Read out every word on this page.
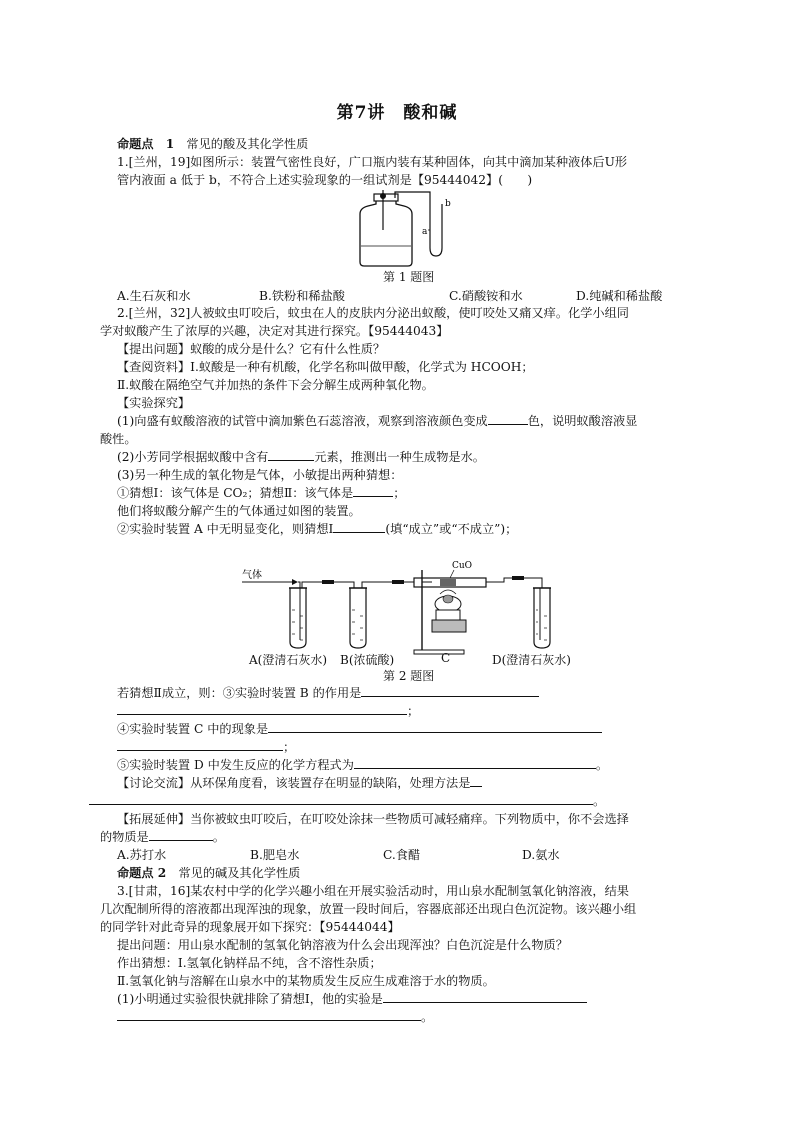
第7讲　酸和碱
命题点　1　 常见的酸及其化学性质
1.[兰州，19]如图所示：装置气密性良好，广口瓶内装有某种固体，向其中滴加某种液体后U形
管内液面 a 低于 b，不符合上述实验现象的一组试剂是【95444042】(　　)
a
b
第 1 题图
A.生石灰和水	B.铁粉和稀盐酸	C.硝酸铵和水	D.纯碱和稀盐酸
2.[兰州，32]人被蚊虫叮咬后，蚊虫在人的皮肤内分泌出蚁酸，使叮咬处又痛又痒。化学小组同
学对蚁酸产生了浓厚的兴趣，决定对其进行探究。【95444043】
【提出问题】蚁酸的成分是什么？它有什么性质？
【查阅资料】Ⅰ.蚁酸是一种有机酸，化学名称叫做甲酸，化学式为 HCOOH；
Ⅱ.蚁酸在隔绝空气并加热的条件下会分解生成两种氧化物。
【实验探究】
(1)向盛有蚁酸溶液的试管中滴加紫色石蕊溶液，观察到溶液颜色变成	色，说明蚁酸溶液显
酸性。
(2)小芳同学根据蚁酸中含有	元素，推测出一种生成物是水。
(3)另一种生成的氧化物是气体，小敏提出两种猜想：
①猜想Ⅰ：该气体是 CO₂；猜想Ⅱ：该气体是	；
他们将蚁酸分解产生的气体通过如图的装置。
②实验时装置 A 中无明显变化，则猜想Ⅰ	(填“成立”或“不成立”)；
气体
CuO
A(澄清石灰水) B(浓硫酸)	C	D(澄清石灰水)
第 2 题图
若猜想Ⅱ成立，则：③实验时装置 B 的作用是
；
④实验时装置 C 中的现象是
；
⑤实验时装置 D 中发生反应的化学方程式为	。
【讨论交流】从环保角度看，该装置存在明显的缺陷，处理方法是
。
【拓展延伸】当你被蚊虫叮咬后，在叮咬处涂抹一些物质可减轻痛痒。下列物质中，你不会选择
的物质是	。
A.苏打水	B.肥皂水	C.食醋	D.氨水
命题点 2　 常见的碱及其化学性质
3.[甘肃，16]某农村中学的化学兴趣小组在开展实验活动时，用山泉水配制氢氧化钠溶液，结果
几次配制所得的溶液都出现浑浊的现象，放置一段时间后，容器底部还出现白色沉淀物。该兴趣小组
的同学针对此奇异的现象展开如下探究：【95444044】
提出问题：用山泉水配制的氢氧化钠溶液为什么会出现浑浊？白色沉淀是什么物质？
作出猜想：Ⅰ.氢氧化钠样品不纯，含不溶性杂质；
Ⅱ.氢氧化钠与溶解在山泉水中的某物质发生反应生成难溶于水的物质。
(1)小明通过实验很快就排除了猜想Ⅰ，他的实验是
。
